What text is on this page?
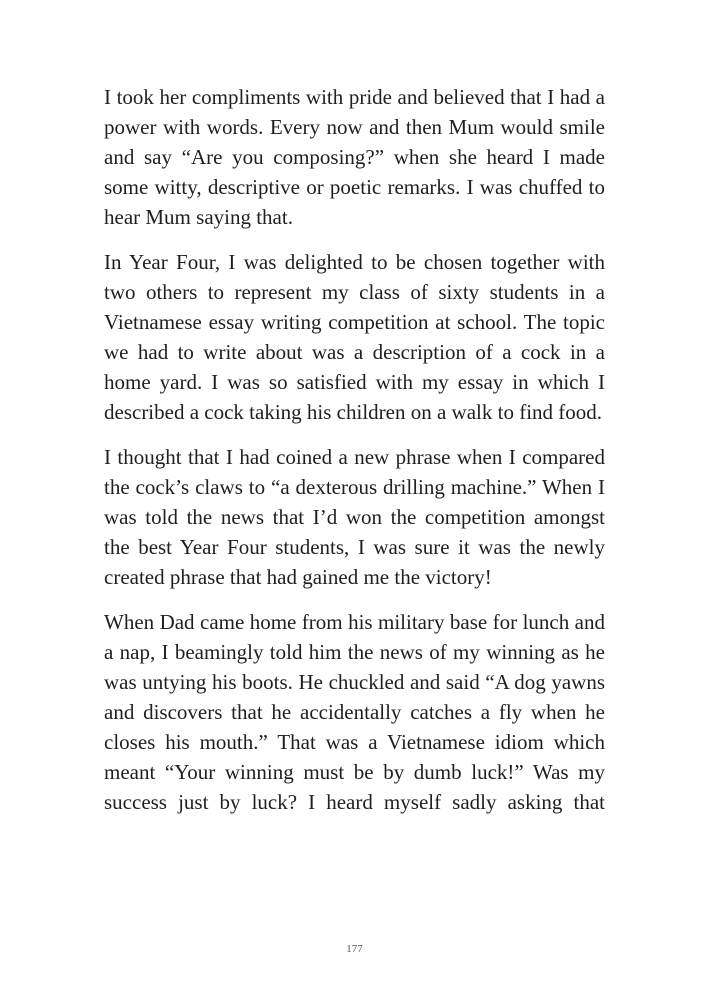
I took her compliments with pride and believed that I had a power with words. Every now and then Mum would smile and say “Are you composing?” when she heard I made some witty, descriptive or poetic remarks. I was chuffed to hear Mum saying that.

In Year Four, I was delighted to be chosen together with two others to represent my class of sixty students in a Vietnamese essay writing competition at school. The topic we had to write about was a description of a cock in a home yard. I was so satisfied with my essay in which I described a cock taking his children on a walk to find food.

I thought that I had coined a new phrase when I compared the cock’s claws to “a dexterous drilling machine.” When I was told the news that I’d won the competition amongst the best Year Four students, I was sure it was the newly created phrase that had gained me the victory!

When Dad came home from his military base for lunch and a nap, I beamingly told him the news of my winning as he was untying his boots. He chuckled and said “A dog yawns and discovers that he accidentally catches a fly when he closes his mouth.” That was a Vietnamese idiom which meant “Your winning must be by dumb luck!” Was my success just by luck? I heard myself sadly asking that

177
